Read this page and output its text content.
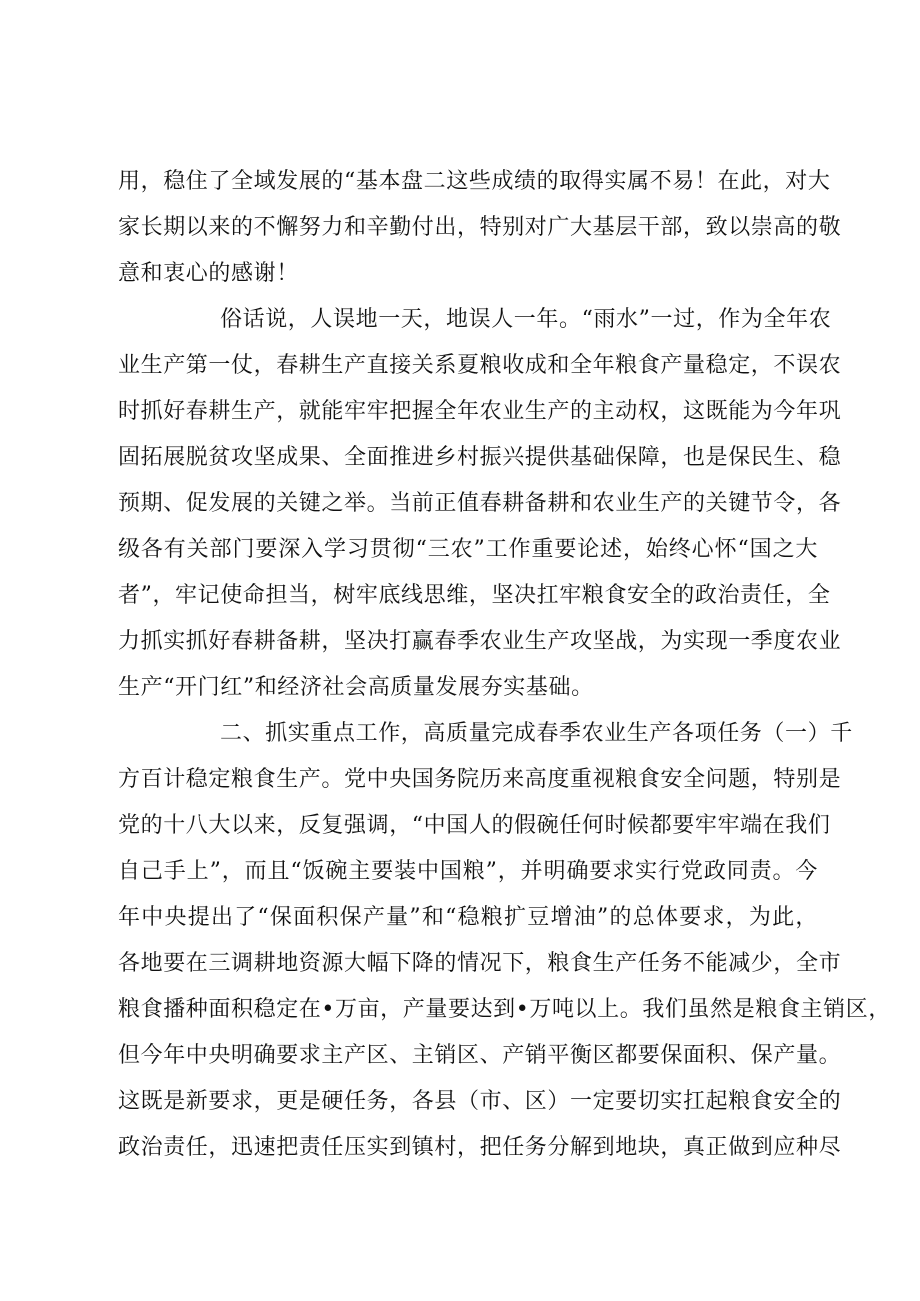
用，稳住了全域发展的“基本盘二这些成绩的取得实属不易！在此，对大
家长期以来的不懈努力和辛勤付出，特别对广大基层干部，致以崇高的敬
意和衷心的感谢！
俗话说，人误地一天，地误人一年。“雨水”一过，作为全年农
业生产第一仗，春耕生产直接关系夏粮收成和全年粮食产量稳定，不误农
时抓好春耕生产，就能牢牢把握全年农业生产的主动权，这既能为今年巩
固拓展脱贫攻坚成果、全面推进乡村振兴提供基础保障，也是保民生、稳
预期、促发展的关键之举。当前正值春耕备耕和农业生产的关键节令，各
级各有关部门要深入学习贯彻“三农”工作重要论述，始终心怀“国之大
者”，牢记使命担当，树牢底线思维，坚决扛牢粮食安全的政治责任，全
力抓实抓好春耕备耕，坚决打赢春季农业生产攻坚战，为实现一季度农业
生产“开门红”和经济社会高质量发展夯实基础。
二、抓实重点工作，高质量完成春季农业生产各项任务（一）千
方百计稳定粮食生产。党中央国务院历来高度重视粮食安全问题，特别是
党的十八大以来，反复强调，“中国人的假碗任何时候都要牢牢端在我们
自己手上”，而且“饭碗主要装中国粮”，并明确要求实行党政同责。今
年中央提出了“保面积保产量”和“稳粮扩豆增油”的总体要求，为此，
各地要在三调耕地资源大幅下降的情况下，粮食生产任务不能减少，全市
粮食播种面积稳定在•万亩，产量要达到•万吨以上。我们虽然是粮食主销区，
但今年中央明确要求主产区、主销区、产销平衡区都要保面积、保产量。
这既是新要求，更是硬任务，各县（市、区）一定要切实扛起粮食安全的
政治责任，迅速把责任压实到镇村，把任务分解到地块，真正做到应种尽
